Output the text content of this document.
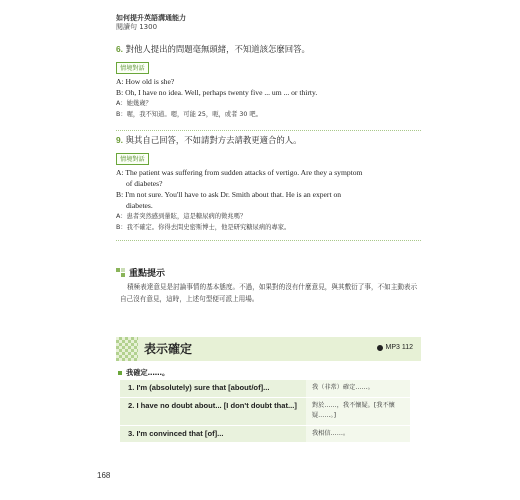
如何提升英語溝通能力
閱讀句 1300
6. 對他人提出的問題毫無頭緒，不知道該怎麼回答。
情境對話
A: How old is she?
B: Oh, I have no idea. Well, perhaps twenty five ... um ... or thirty.
A：她幾歲？
B：喔，我不知道。嗯，可能 25，呃，或者 30 吧。
9. 與其自己回答，不如請對方去請教更適合的人。
情境對話
A: The patient was suffering from sudden attacks of vertigo. Are they a symptom
of diabetes?
B: I'm not sure. You'll have to ask Dr. Smith about that. He is an expert on
diabetes.
A：患者突然感到暈眩，這是糖尿病的徵兆嗎？
B：我不確定。你得去問史密斯博士，他是研究糖尿病的專家。
重點提示
積極表達意見是討論事情的基本態度。不過，如果對的沒有什麼意見，與其敷衍了事，不如主動表示自己沒有意見，這時，上述句型便可派上用場。
表示確定	MP3 112
我確定……。
1. I'm (absolutely) sure that [about/of]...	我（非常）確定……。
2. I have no doubt about... [I don't doubt that...]	對於……，我不懷疑。[我不懷疑……。]
3. I'm convinced that [of]...	我相信……。
168
